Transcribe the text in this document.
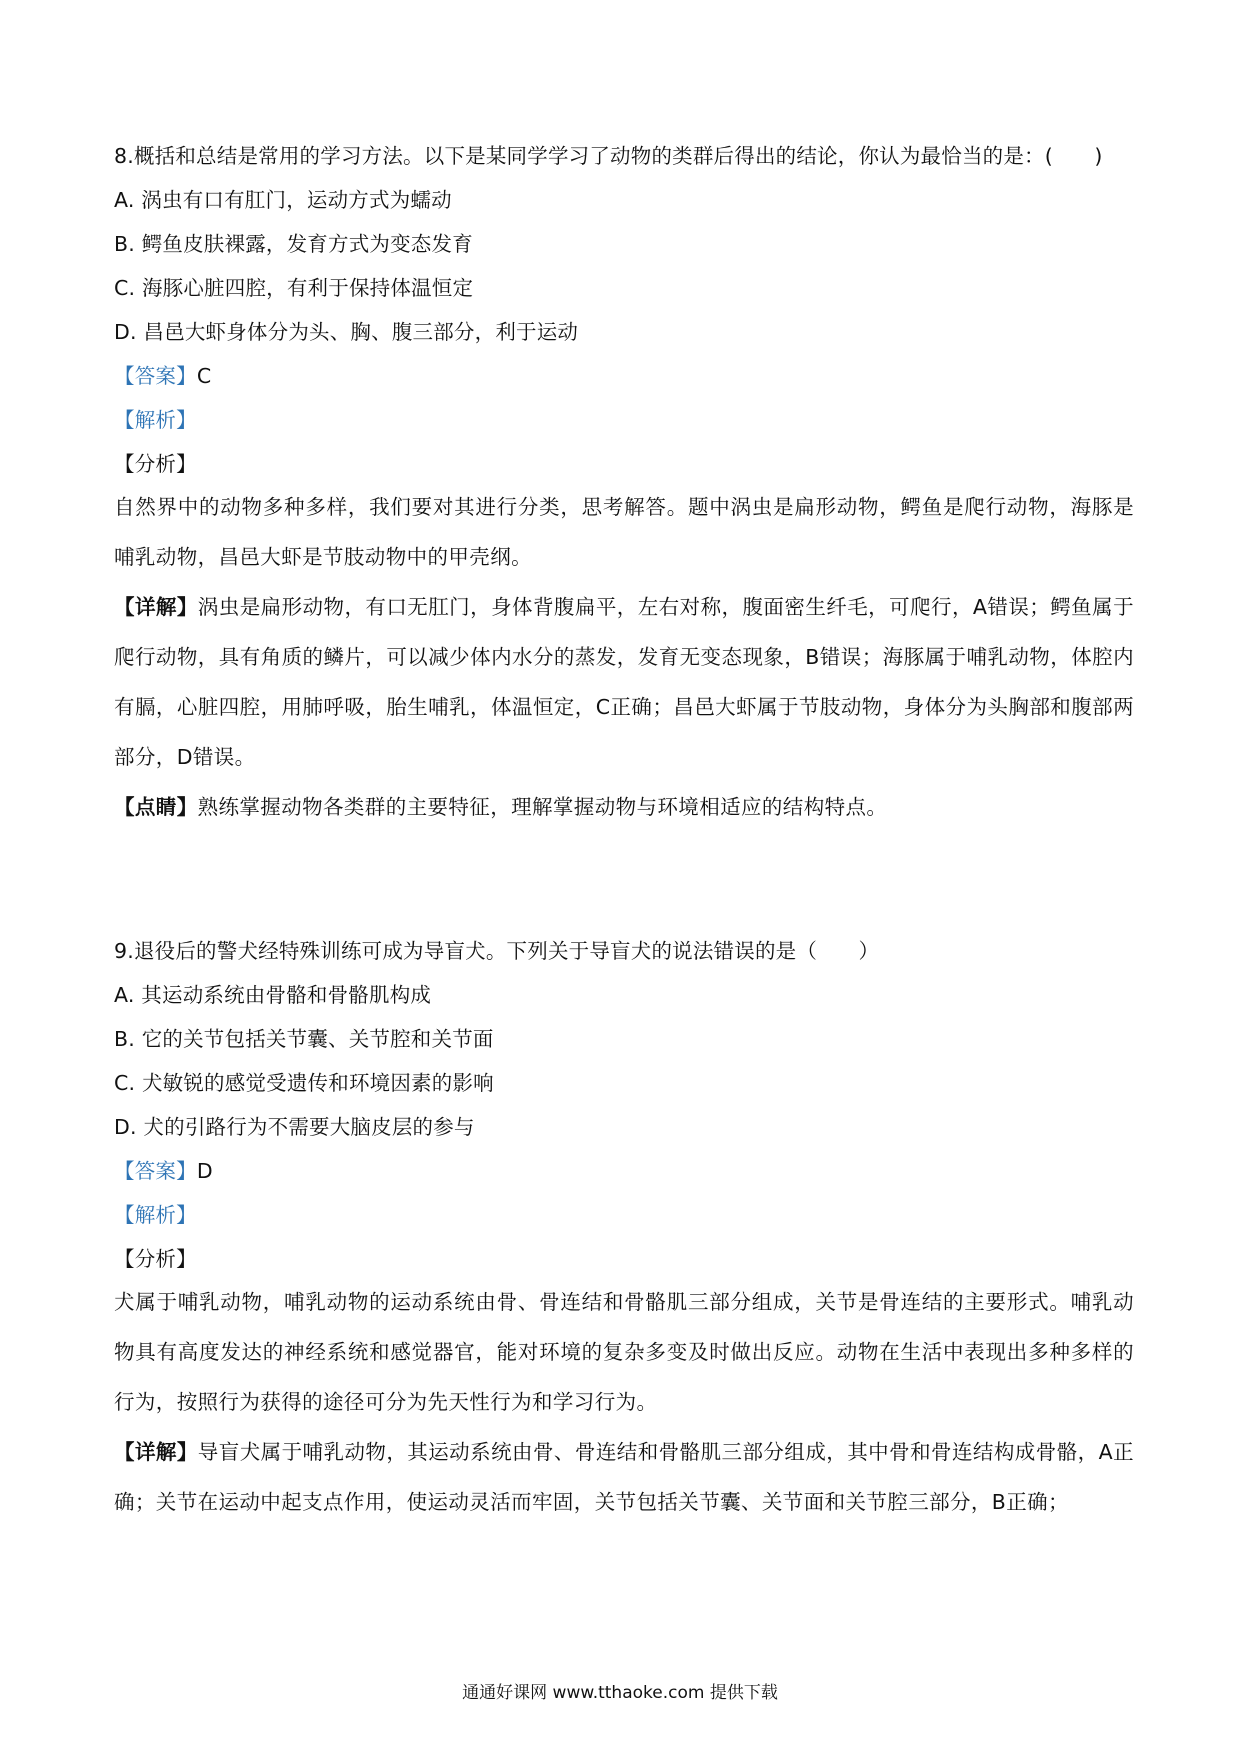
8.概括和总结是常用的学习方法。以下是某同学学习了动物的类群后得出的结论，你认为最恰当的是：(　　)
A. 涡虫有口有肛门，运动方式为蠕动
B. 鳄鱼皮肤裸露，发育方式为变态发育
C. 海豚心脏四腔，有利于保持体温恒定
D. 昌邑大虾身体分为头、胸、腹三部分，利于运动
【答案】C
【解析】
【分析】
自然界中的动物多种多样，我们要对其进行分类，思考解答。题中涡虫是扁形动物，鳄鱼是爬行动物，海豚是哺乳动物，昌邑大虾是节肢动物中的甲壳纲。
【详解】涡虫是扁形动物，有口无肛门，身体背腹扁平，左右对称，腹面密生纤毛，可爬行，A错误；鳄鱼属于爬行动物，具有角质的鳞片，可以减少体内水分的蒸发，发育无变态现象，B错误；海豚属于哺乳动物，体腔内有膈，心脏四腔，用肺呼吸，胎生哺乳，体温恒定，C正确；昌邑大虾属于节肢动物，身体分为头胸部和腹部两部分，D错误。
【点睛】熟练掌握动物各类群的主要特征，理解掌握动物与环境相适应的结构特点。
9.退役后的警犬经特殊训练可成为导盲犬。下列关于导盲犬的说法错误的是（　　）
A. 其运动系统由骨骼和骨骼肌构成
B. 它的关节包括关节囊、关节腔和关节面
C. 犬敏锐的感觉受遗传和环境因素的影响
D. 犬的引路行为不需要大脑皮层的参与
【答案】D
【解析】
【分析】
犬属于哺乳动物，哺乳动物的运动系统由骨、骨连结和骨骼肌三部分组成，关节是骨连结的主要形式。哺乳动物具有高度发达的神经系统和感觉器官，能对环境的复杂多变及时做出反应。动物在生活中表现出多种多样的行为，按照行为获得的途径可分为先天性行为和学习行为。
【详解】导盲犬属于哺乳动物，其运动系统由骨、骨连结和骨骼肌三部分组成，其中骨和骨连结构成骨骼，A正确；关节在运动中起支点作用，使运动灵活而牢固，关节包括关节囊、关节面和关节腔三部分，B正确；
通通好课网 www.tthaoke.com 提供下载
